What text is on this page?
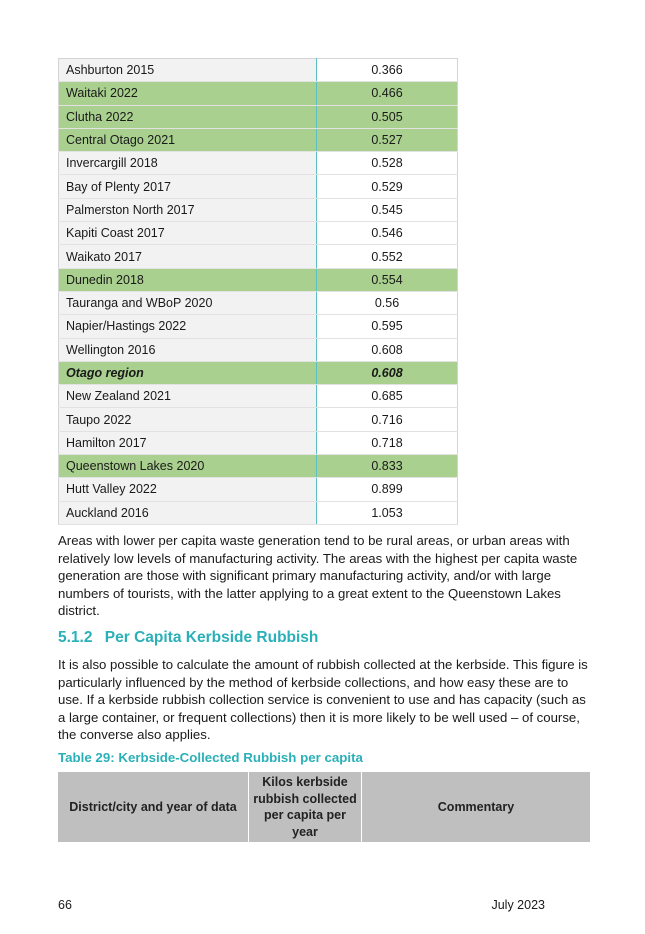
Ashburton 2015	0.366
Waitaki 2022	0.466
Clutha 2022	0.505
Central Otago 2021	0.527
Invercargill 2018	0.528
Bay of Plenty 2017	0.529
Palmerston North 2017	0.545
Kapiti Coast 2017	0.546
Waikato 2017	0.552
Dunedin 2018	0.554
Tauranga and WBoP 2020	0.56
Napier/Hastings 2022	0.595
Wellington 2016	0.608
Otago region	0.608
New Zealand 2021	0.685
Taupo 2022	0.716
Hamilton 2017	0.718
Queenstown Lakes 2020	0.833
Hutt Valley 2022	0.899
Auckland 2016	1.053

Areas with lower per capita waste generation tend to be rural areas, or urban areas with relatively low levels of manufacturing activity. The areas with the highest per capita waste generation are those with significant primary manufacturing activity, and/or with large numbers of tourists, with the latter applying to a great extent to the Queenstown Lakes district.

5.1.2 Per Capita Kerbside Rubbish

It is also possible to calculate the amount of rubbish collected at the kerbside. This figure is particularly influenced by the method of kerbside collections, and how easy these are to use. If a kerbside rubbish collection service is convenient to use and has capacity (such as a large container, or frequent collections) then it is more likely to be well used – of course, the converse also applies.

Table 29: Kerbside-Collected Rubbish per capita

District/city and year of data	Kilos kerbside rubbish collected per capita per year	Commentary
66	July 2023
